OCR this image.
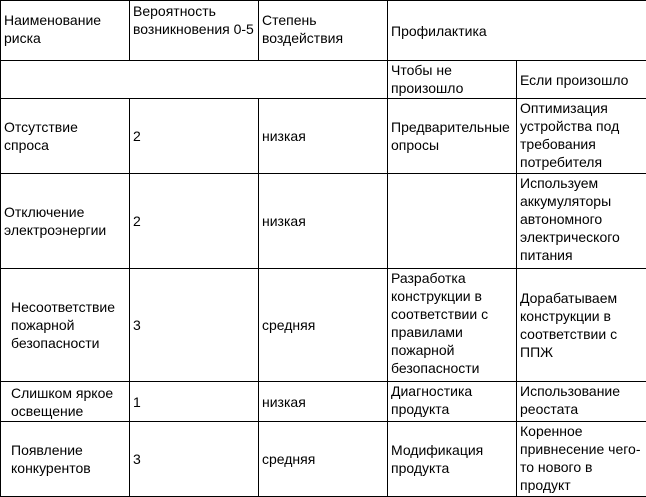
Наименование риска	Вероятность возникновения 0-5	Степень воздействия	Профилактика	

			Чтобы не произошло	Если произошло

Отсутствие спроса	2	низкая	Предварительные опросы	Оптимизация устройства под требования потребителя

Отключение электроэнергии	2	низкая		Используем аккумуляторы автономного электрического питания

Несоответствие пожарной безопасности	3	средняя	Разработка конструкции в соответствии с правилами пожарной безопасности	Дорабатываем конструкции в соответствии с ППЖ

Слишком яркое освещение	1	низкая	Диагностика продукта	Использование реостата

Появление конкурентов	3	средняя	Модификация продукта	Коренное привнесение чего-то нового в продукт
